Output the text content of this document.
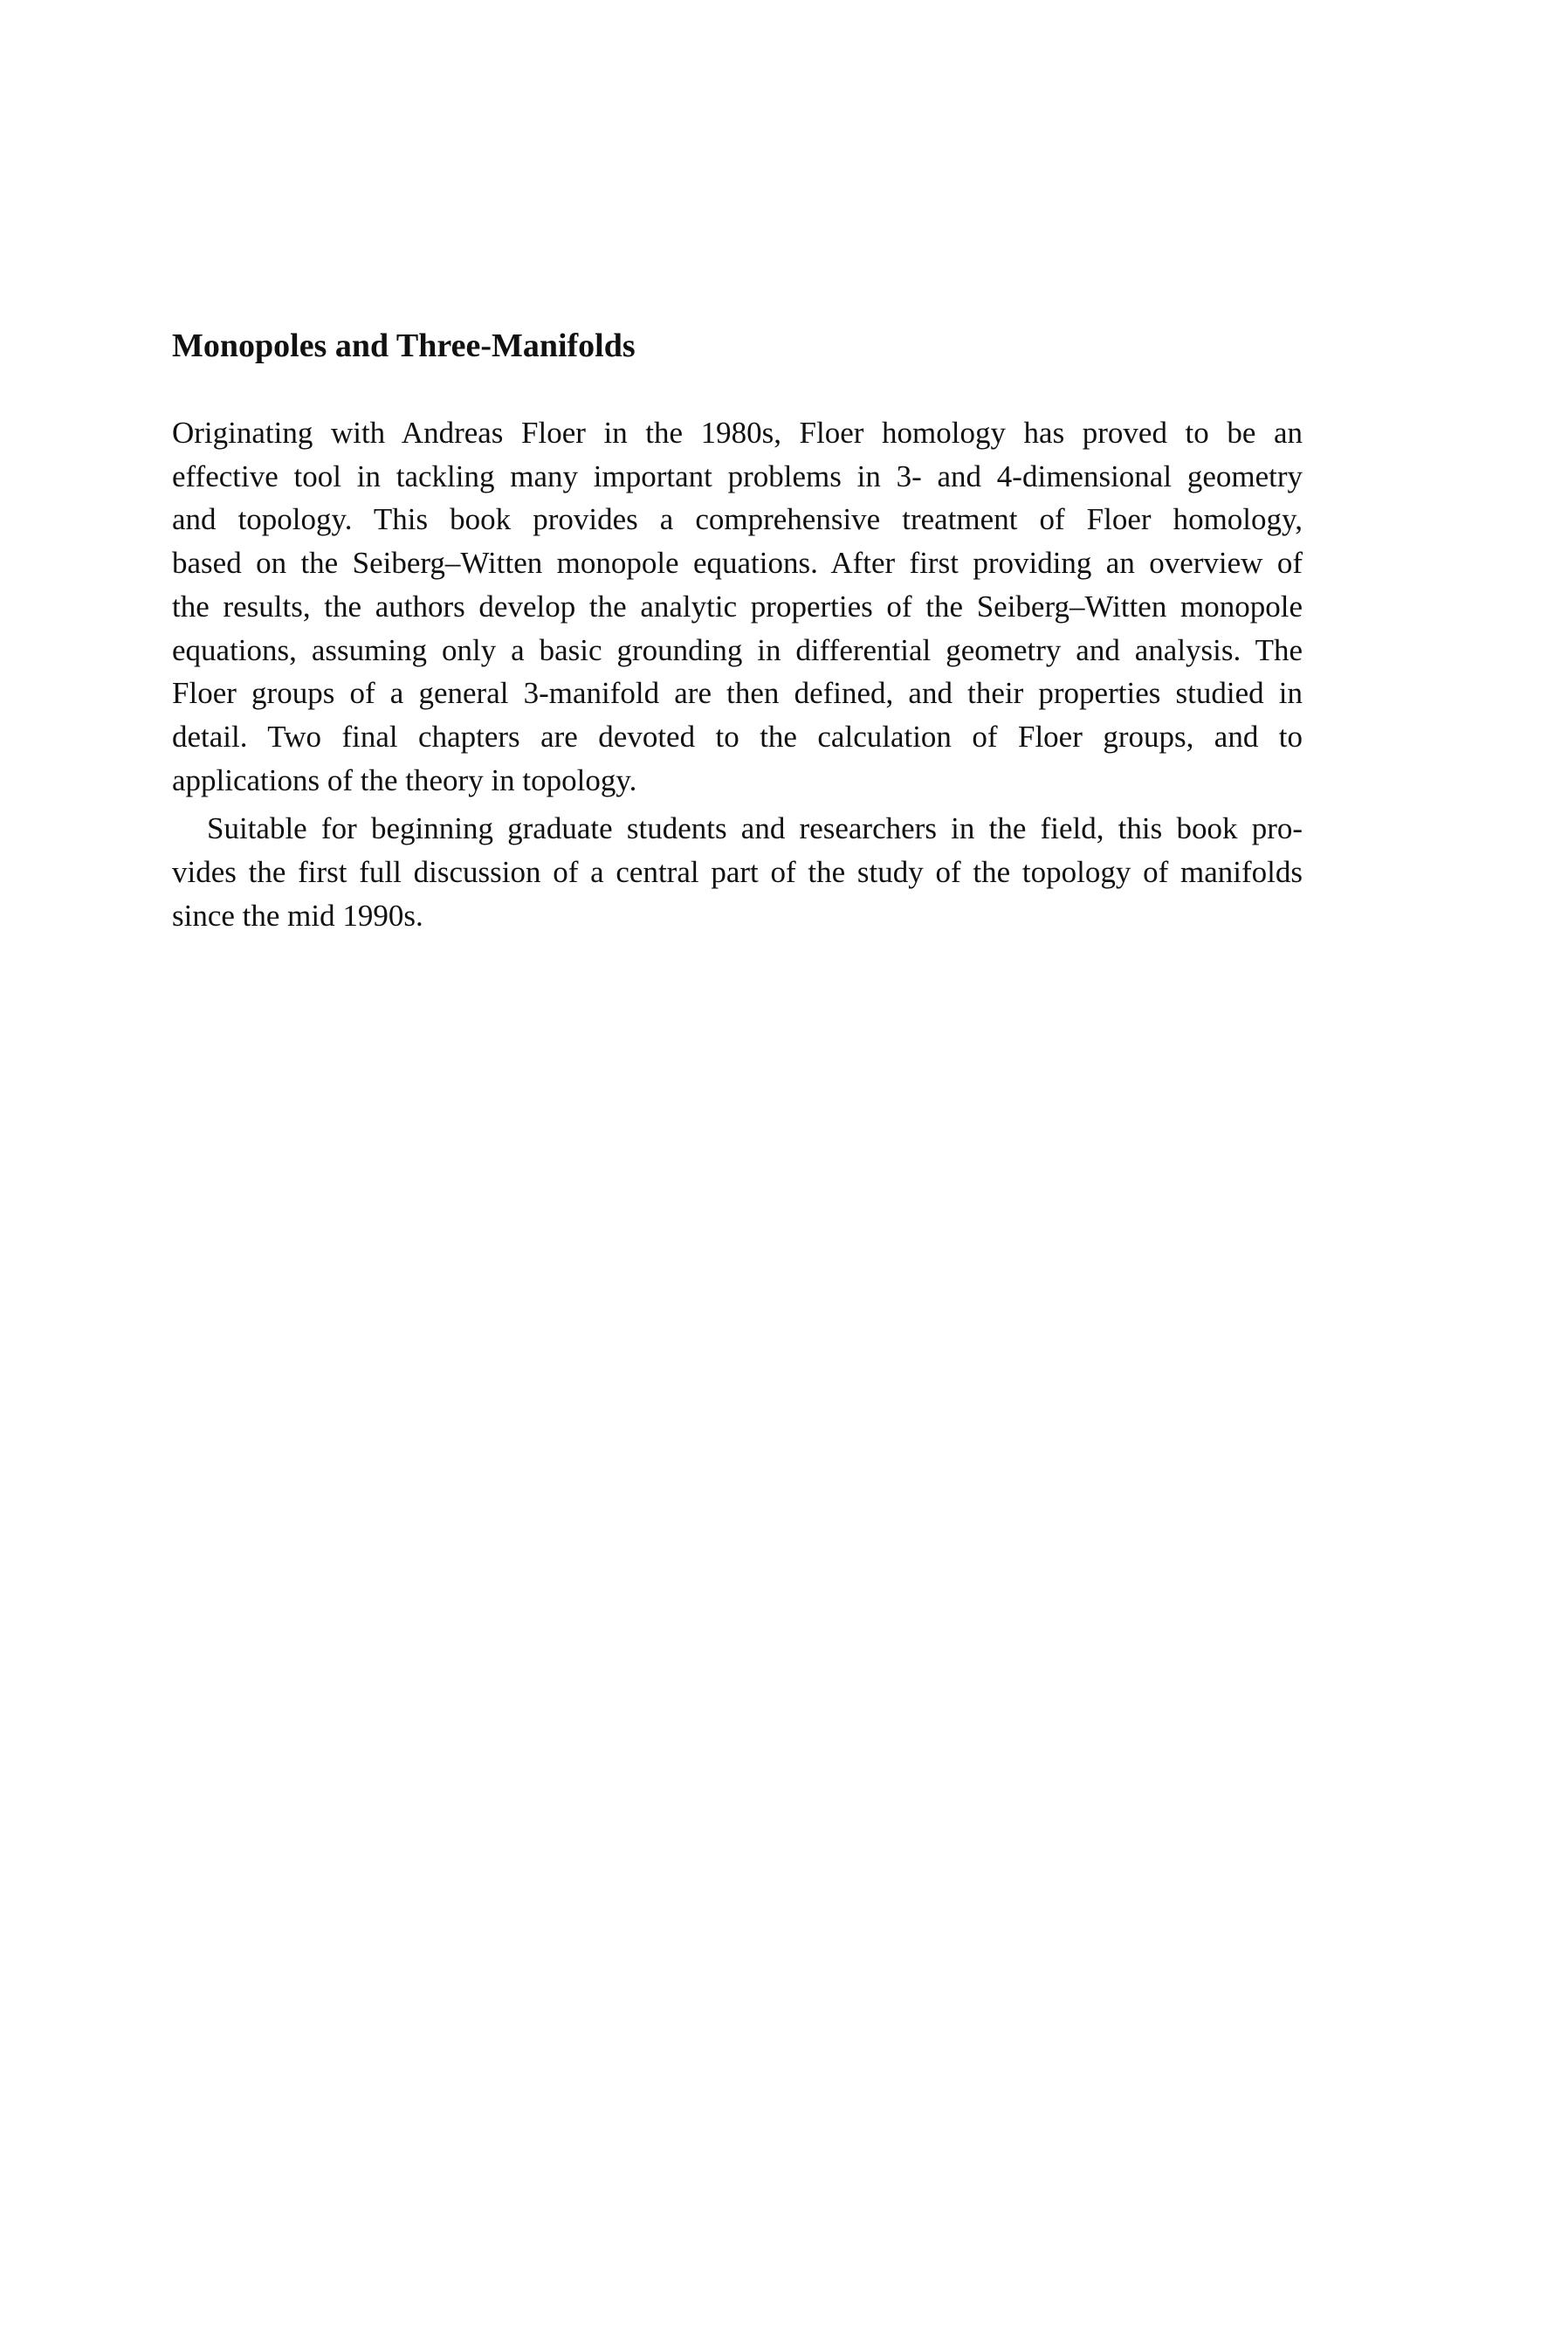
Monopoles and Three-Manifolds
Originating with Andreas Floer in the 1980s, Floer homology has proved to be an
effective tool in tackling many important problems in 3- and 4-dimensional geometry
and topology. This book provides a comprehensive treatment of Floer homology,
based on the Seiberg–Witten monopole equations. After first providing an overview of
the results, the authors develop the analytic properties of the Seiberg–Witten monopole
equations, assuming only a basic grounding in differential geometry and analysis. The
Floer groups of a general 3-manifold are then defined, and their properties studied in
detail. Two final chapters are devoted to the calculation of Floer groups, and to
applications of the theory in topology.
Suitable for beginning graduate students and researchers in the field, this book pro-
vides the first full discussion of a central part of the study of the topology of manifolds
since the mid 1990s.
